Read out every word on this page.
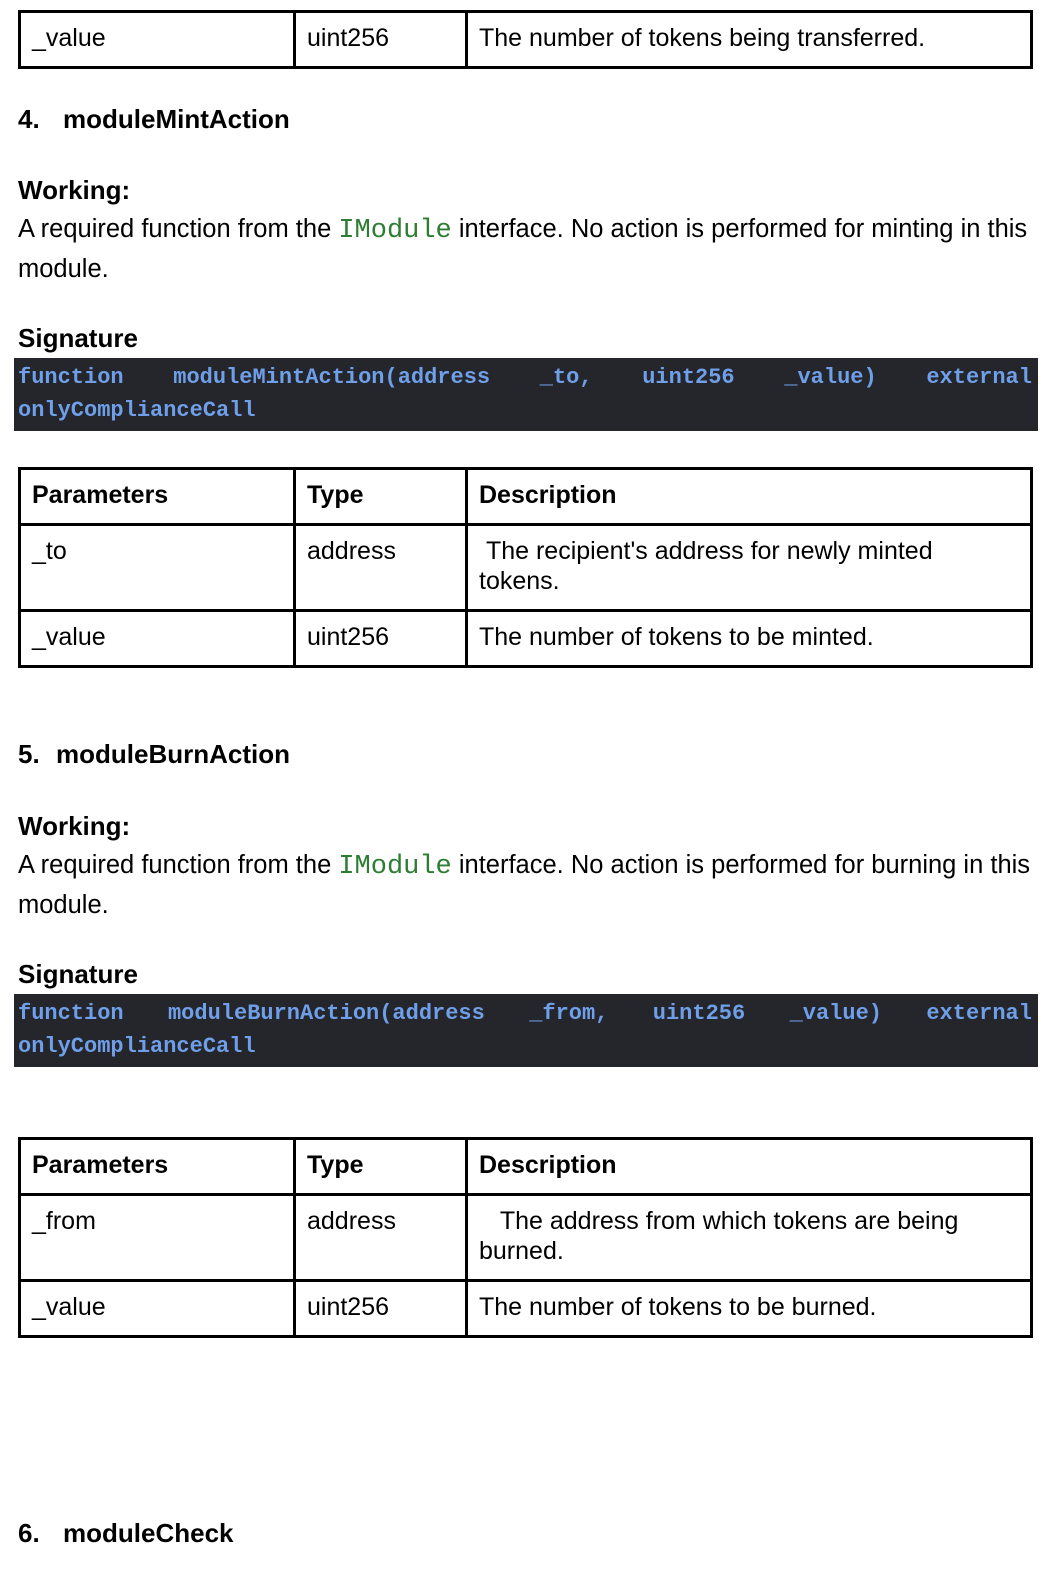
_value	uint256	The number of tokens being transferred.
4. moduleMintAction
Working:
A required function from the IModule interface. No action is performed for minting in this module.
Signature
function moduleMintAction(address _to, uint256 _value) external
onlyComplianceCall
Parameters	Type	Description
_to	address	The recipient's address for newly minted tokens.
_value	uint256	The number of tokens to be minted.
5. moduleBurnAction
Working:
A required function from the IModule interface. No action is performed for burning in this module.
Signature
function moduleBurnAction(address _from, uint256 _value) external
onlyComplianceCall
Parameters	Type	Description
_from	address	The address from which tokens are being burned.
_value	uint256	The number of tokens to be burned.
6. moduleCheck
